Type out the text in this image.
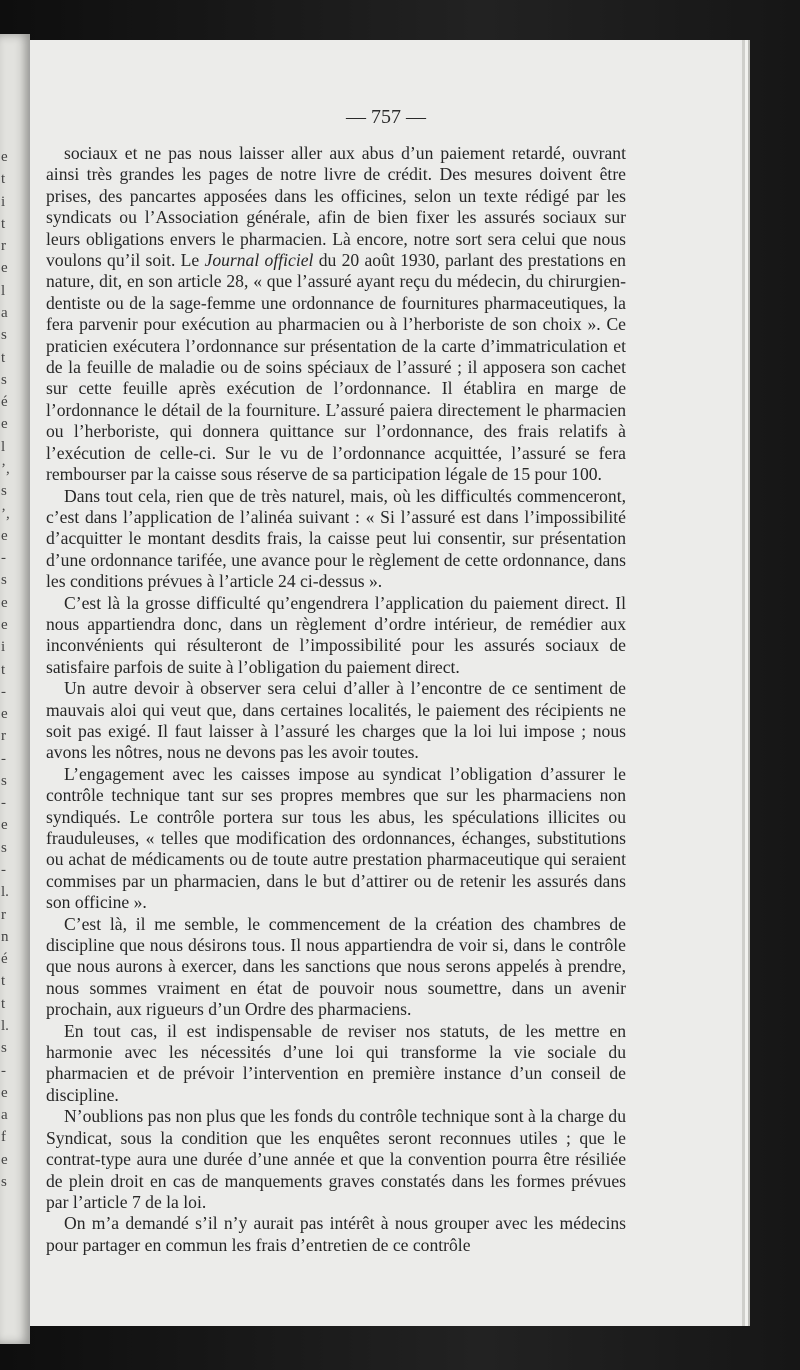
e
t
i
t
r
e
l
a
s
t
s
é
e
l
’,
s
’,
e
-
s
e
e
i
t
-
e
r
-
s
-
e
s
-
l.
r
n
é
t
t
l.
s
-
e
a
f
e
s
— 757 —

sociaux et ne pas nous laisser aller aux abus d’un paiement retardé, ouvrant ainsi très grandes les pages de notre livre de crédit. Des mesures doivent être prises, des pancartes apposées dans les officines, selon un texte rédigé par les syndicats ou l’Association générale, afin de bien fixer les assurés sociaux sur leurs obligations envers le pharmacien. Là encore, notre sort sera celui que nous voulons qu’il soit. Le Journal officiel du 20 août 1930, parlant des prestations en nature, dit, en son article 28, « que l’assuré ayant reçu du médecin, du chirurgien-dentiste ou de la sage-femme une ordonnance de fournitures pharmaceutiques, la fera parvenir pour exécution au pharmacien ou à l’herboriste de son choix ». Ce praticien exécutera l’ordonnance sur présentation de la carte d’immatriculation et de la feuille de maladie ou de soins spéciaux de l’assuré ; il apposera son cachet sur cette feuille après exécution de l’ordonnance. Il établira en marge de l’ordonnance le détail de la fourniture. L’assuré paiera directement le pharmacien ou l’herboriste, qui donnera quittance sur l’ordonnance, des frais relatifs à l’exécution de celle-ci. Sur le vu de l’ordonnance acquittée, l’assuré se fera rembourser par la caisse sous réserve de sa participation légale de 15 pour 100.

Dans tout cela, rien que de très naturel, mais, où les difficultés commenceront, c’est dans l’application de l’alinéa suivant : « Si l’assuré est dans l’impossibilité d’acquitter le montant desdits frais, la caisse peut lui consentir, sur présentation d’une ordonnance tarifée, une avance pour le règlement de cette ordonnance, dans les conditions prévues à l’article 24 ci-dessus ».

C’est là la grosse difficulté qu’engendrera l’application du paiement direct. Il nous appartiendra donc, dans un règlement d’ordre intérieur, de remédier aux inconvénients qui résulteront de l’impossibilité pour les assurés sociaux de satisfaire parfois de suite à l’obligation du paiement direct.

Un autre devoir à observer sera celui d’aller à l’encontre de ce sentiment de mauvais aloi qui veut que, dans certaines localités, le paiement des récipients ne soit pas exigé. Il faut laisser à l’assuré les charges que la loi lui impose ; nous avons les nôtres, nous ne devons pas les avoir toutes.

L’engagement avec les caisses impose au syndicat l’obligation d’assurer le contrôle technique tant sur ses propres membres que sur les pharmaciens non syndiqués. Le contrôle portera sur tous les abus, les spéculations illicites ou frauduleuses, « telles que modification des ordonnances, échanges, substitutions ou achat de médicaments ou de toute autre prestation pharmaceutique qui seraient commises par un pharmacien, dans le but d’attirer ou de retenir les assurés dans son officine ».

C’est là, il me semble, le commencement de la création des chambres de discipline que nous désirons tous. Il nous appartiendra de voir si, dans le contrôle que nous aurons à exercer, dans les sanctions que nous serons appelés à prendre, nous sommes vraiment en état de pouvoir nous soumettre, dans un avenir prochain, aux rigueurs d’un Ordre des pharmaciens.

En tout cas, il est indispensable de reviser nos statuts, de les mettre en harmonie avec les nécessités d’une loi qui transforme la vie sociale du pharmacien et de prévoir l’intervention en première instance d’un conseil de discipline.

N’oublions pas non plus que les fonds du contrôle technique sont à la charge du Syndicat, sous la condition que les enquêtes seront reconnues utiles ; que le contrat-type aura une durée d’une année et que la convention pourra être résiliée de plein droit en cas de manquements graves constatés dans les formes prévues par l’article 7 de la loi.

On m’a demandé s’il n’y aurait pas intérêt à nous grouper avec les médecins pour partager en commun les frais d’entretien de ce contrôle
